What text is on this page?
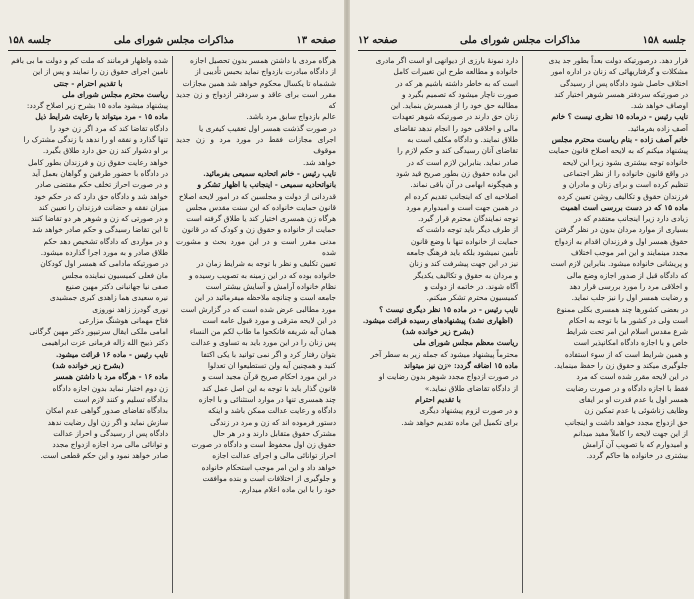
صفحه ۱۳
مذاکرات مجلس شورای ملی
جلسه ۱۵۸
هرگاه مردی با داشتن همسر بدون تحصیل اجازه
از دادگاه مبادرت بازدواج نماید بحبس تأدیبی از
ششماه تا یکسال محکوم خواهد شد همین مجازات
مقرر است برای عاقد و سردفتر ازدواج و زن جدید که
عالم بازدواج سابق مرد باشد.
در صورت گذشت همسر اول تعقیب کیفری یا
اجرای مجازات فقط در مورد مرد و زن جدید موقوف
خواهد شد.
نایب رئیس - خانم اتحادیه سمیعی بفرمائید.
بانواتحادیه سمیعی - اینجانب با اظهار تشکر و
قدردانی از دولت و مجلسین که در امور لایحه اصلاح
قانون حمایت خانواده که این سنت مقدس مجلس
هرگاه زن همسری اختیار کند یا طلاق گرفته است
حمایت از خانواده و حقوق زن و کودک که در قانون
مدنی مقرر است و در این مورد بحث و مشورت شده
تعیین تکلیف و نظر با توجه به شرایط زمان در
خانواده بوده که در این زمینه به تصویب رسیده و
نظام خانواده آرامش و آسایش بیشتر است
جامعه است و چنانچه ملاحظه میفرمائید در این
مورد مطالبی عرض شده است که در گزارش است
در این لایحه مترقی و مورد قبول عامه است
همان آیه شریفه فانکحوا ما طاب لکم من النساء
پس زنان را در این مورد باید به تساوی و عدالت
بتوان رفتار کرد و اگر نمی توانید با یکی اکتفا
کنید و همچنین آیه ولن تستطیعوا ان تعدلوا
در این مورد احکام صریح قرآن مجید است و
قانون گذار باید با توجه به این اصل عمل کند
چند همسری تنها در موارد استثنائی و با اجازه
دادگاه و رعایت عدالت ممکن باشد و اینکه
دستور فرموده اند که زن و مرد در زندگی
مشترک حقوق متقابل دارند و در هر حال
حقوق زن اول محفوظ است و دادگاه در صورت
احراز توانائی مالی و اجرای عدالت اجازه
خواهد داد و این امر موجب استحکام خانواده
و جلوگیری از اختلافات است و بنده موافقت
خود را با این ماده اعلام میدارم.
شده واظهار فرمانند که ملت کم و دولت ما بی بافم
نامین اجرای حقوق زن را نمایند و پس از این
با تقدیم احترام - جنتی
ریاست محترم مجلس شورای ملی
پیشنهاد میشود ماده ۱۵ بشرح زیر اصلاح گردد:
ماده ۱۵ - مرد میتواند با رعایت شرایط ذیل
دادگاه تقاضا کند که مرد اگر زن خود را
تنها گذارد و نفقه او را ندهد یا زندگی مشترک را
بر او دشوار کند زن حق دارد طلاق بگیرد.
خواهد رعایت حقوق زن و فرزندان بطور کامل
در دادگاه با حضور طرفین و گواهان بعمل آید
و در صورت احراز تخلف حکم مقتضی صادر
خواهد شد و دادگاه حق دارد که در حکم خود
میزان نفقه و حضانت فرزندان را تعیین کند
و در صورتی که زن و شوهر هر دو تقاضا کنند
تا این تقاضا رسیدگی و حکم صادر خواهد شد
و در مواردی که دادگاه تشخیص دهد حکم
طلاق صادر و به مورد اجرا گذارده میشود.
در صورتیکه مادامی که همسر اول کودکان
مان فعلی کمیسیون نماینده مجلس
صفی نیا جهانبانی دکتر مهین صنیع
نیره سعیدی هما زاهدی کبری جمشیدی
نوری گودرز زاهد نوروزی
فتاح مهمانی هوشنگ مزارعی
امامی ملکی ایقال سرتیپور دکتر مهین گرگانی
دکتر ذبیح الله زاله فرمانی عزت ابراهیمی
نایب رئیس - ماده ۱۶ قرائت میشود.
(بشرح زیر خوانده شد)
ماده ۱۶ - هرگاه مرد با داشتن همسر
زن دوم اختیار نماید بدون اجازه دادگاه
بدادگاه تسلیم و کنند لازم است
بدادگاه تقاضای صدور گواهی عدم امکان
سازش نماید و اگر زن اول رضایت ندهد
دادگاه پس از رسیدگی و احراز عدالت
و توانائی مالی مرد اجازه ازدواج مجدد
صادر خواهد نمود و این حکم قطعی است.
جلسه ۱۵۸
مذاکرات مجلس شورای ملی
صفحه ۱۲
قرار دهد. درصورتیکه دولت بعداً بطور جد یدی
مشکلات و گرفتاریهائی که زنان در اداره امور
اختلاف حاصل شود دادگاه پس از رسیدگی
در صورتیکه سردفتر همسر شوهر اختیار کند
اوصاف خواهد شد.
نایب رئیس - درماده ۱۵ نظری نیست ؟ خانم
آصف زاده بفرمائید.
خانم آصف زاده - بنام ریاست محترم مجلس
پیشنهاد میکنم که به لایحه اصلاح قانون حمایت
خانواده توجه بیشتری بشود زیرا این لایحه
در واقع قانون خانواده را از نظر اجتماعی
تنظیم کرده است و برای زنان و مادران و
فرزندان حقوق و تکالیف روشن تعیین کرده
ماده ۱۵ که در دست بررسی است اهمیت
زیادی دارد زیرا اینجانب معتقدم که در
بسیاری از موارد مردان بدون در نظر گرفتن
حقوق همسر اول و فرزندان اقدام به ازدواج
مجدد مینمایند و این امر موجب اختلاف
و پریشانی خانواده میشود. بنابراین لازم است
که دادگاه قبل از صدور اجازه وضع مالی
و اخلاقی مرد را مورد بررسی قرار دهد
و رضایت همسر اول را نیز جلب نماید.
در بعضی کشورها چند همسری بکلی ممنوع
است ولی در کشور ما با توجه به احکام
شرع مقدس اسلام این امر تحت شرایط
خاص و با اجازه دادگاه امکانپذیر است
و همین شرایط است که از سوء استفاده
جلوگیری میکند و حقوق زن را حفظ مینماید.
در این لایحه مقرر شده است که مرد
فقط با اجازه دادگاه و در صورت رضایت
همسر اول یا عدم قدرت او بر ایفای
وظایف زناشوئی یا عدم تمکین زن
حق ازدواج مجدد خواهد داشت و اینجانب
از این جهت لایحه را کاملاً مفید میدانم
و امیدوارم که با تصویب آن آرامش
بیشتری در خانواده ها حاکم گردد.
دارد نمونهٔ بارزی از دیوانهی او است اگر مادری
خانواده و مطالعه طرح این تغییرات کامل
است که به خاطر داشته باشیم هر که در
صورت ناچار میشود که تصمیم بگیرد و
مطالبه حق خود را از همسرش بنماید. این
زنان حق دارند در صورتیکه شوهر تعهدات
مالی و اخلاقی خود را انجام ندهد تقاضای
طلاق نمایند. و دادگاه مکلف است به
تقاضای آنان رسیدگی کند و حکم لازم را
صادر نماید. بنابراین لازم است که در
این ماده حقوق زن بطور صریح قید شود
و هیچگونه ابهامی در آن باقی نماند.
اصلاحیه ای که اینجانب تقدیم کرده ام
در همین جهت است و امیدوارم مورد
توجه نمایندگان محترم قرار گیرد.
از طرف دیگر باید توجه داشت که
حمایت از خانواده تنها با وضع قانون
تأمین نمیشود بلکه باید فرهنگ جامعه
نیز در این جهت پیشرفت کند و زنان
و مردان به حقوق و تکالیف یکدیگر
آگاه شوند. در خاتمه از دولت و
کمیسیون محترم تشکر میکنم.
نایب رئیس - در ماده ۱۵ نظر دیگری نیست ؟
(اظهاری نشد) پیشنهادهای رسیده قرائت میشود.
(بشرح زیر خوانده شد)
ریاست معظم مجلس شورای ملی
محترماً پیشنهاد میشود که جمله زیر به سطر آخر
ماده ۱۵ اضافه گردد: «زن نیز میتواند
در صورت ازدواج مجدد شوهر بدون رضایت او
از دادگاه تقاضای طلاق نماید.»
با تقدیم احترام
و در صورت لزوم پیشنهاد دیگری
برای تکمیل این ماده تقدیم خواهد شد.
